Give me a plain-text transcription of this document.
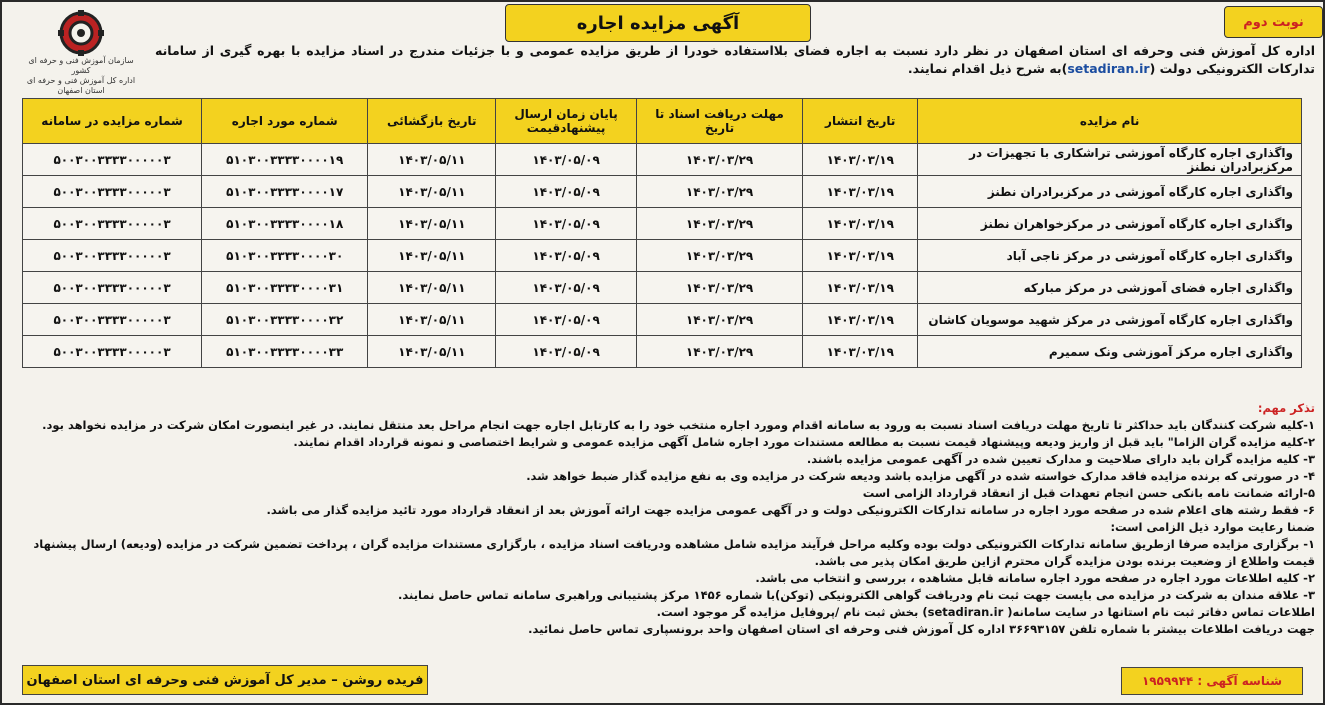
نوبت دوم
آگهی مزایده اجاره
سازمان آموزش فنی و حرفه ای کشور
اداره کل آموزش فنی و حرفه ای استان اصفهان
اداره کل آموزش فنی وحرفه ای استان اصفهان در نظر دارد نسبت به اجاره فضای بلااستفاده خودرا از طریق مزایده عمومی و با جزئیات مندرج در اسناد مزایده با بهره گیری از سامانه تدارکات الکترونیکی دولت (setadiran.ir)به شرح ذیل اقدام نمایند.
نام مزایده	تاریخ انتشار	مهلت دریافت اسناد تا تاریخ	پایان زمان ارسال پیشنهادقیمت	تاریخ بازگشائی	شماره مورد اجاره	شماره مزایده در سامانه
واگذاری اجاره کارگاه آموزشی تراشکاری با تجهیزات در مرکزبرادران نطنز	۱۴۰۳/۰۳/۱۹	۱۴۰۳/۰۳/۲۹	۱۴۰۳/۰۵/۰۹	۱۴۰۳/۰۵/۱۱	۵۱۰۳۰۰۳۳۳۳۰۰۰۰۱۹	۵۰۰۳۰۰۳۳۳۳۰۰۰۰۰۳
واگذاری اجاره کارگاه آموزشی در مرکزبرادران نطنز	۱۴۰۳/۰۳/۱۹	۱۴۰۳/۰۳/۲۹	۱۴۰۳/۰۵/۰۹	۱۴۰۳/۰۵/۱۱	۵۱۰۳۰۰۳۳۳۳۰۰۰۰۱۷	۵۰۰۳۰۰۳۳۳۳۰۰۰۰۰۳
واگذاری اجاره کارگاه آموزشی در مرکزخواهران نطنز	۱۴۰۳/۰۳/۱۹	۱۴۰۳/۰۳/۲۹	۱۴۰۳/۰۵/۰۹	۱۴۰۳/۰۵/۱۱	۵۱۰۳۰۰۳۳۳۳۰۰۰۰۱۸	۵۰۰۳۰۰۳۳۳۳۰۰۰۰۰۳
واگذاری اجاره کارگاه آموزشی در مرکز ناجی آباد	۱۴۰۳/۰۳/۱۹	۱۴۰۳/۰۳/۲۹	۱۴۰۳/۰۵/۰۹	۱۴۰۳/۰۵/۱۱	۵۱۰۳۰۰۳۳۳۳۰۰۰۰۳۰	۵۰۰۳۰۰۳۳۳۳۰۰۰۰۰۳
واگذاری اجاره فضای آموزشی در مرکز مبارکه	۱۴۰۳/۰۳/۱۹	۱۴۰۳/۰۳/۲۹	۱۴۰۳/۰۵/۰۹	۱۴۰۳/۰۵/۱۱	۵۱۰۳۰۰۳۳۳۳۰۰۰۰۳۱	۵۰۰۳۰۰۳۳۳۳۰۰۰۰۰۳
واگذاری اجاره کارگاه آموزشی در مرکز شهید موسویان کاشان	۱۴۰۳/۰۳/۱۹	۱۴۰۳/۰۳/۲۹	۱۴۰۳/۰۵/۰۹	۱۴۰۳/۰۵/۱۱	۵۱۰۳۰۰۳۳۳۳۰۰۰۰۳۲	۵۰۰۳۰۰۳۳۳۳۰۰۰۰۰۳
واگذاری اجاره مرکز آموزشی ونک سمیرم	۱۴۰۳/۰۳/۱۹	۱۴۰۳/۰۳/۲۹	۱۴۰۳/۰۵/۰۹	۱۴۰۳/۰۵/۱۱	۵۱۰۳۰۰۳۳۳۳۰۰۰۰۳۳	۵۰۰۳۰۰۳۳۳۳۰۰۰۰۰۳
تذکر مهم:
۱-کلیه شرکت کنندگان باید حداکثر تا تاریخ مهلت دریافت اسناد نسبت به ورود به سامانه اقدام ومورد اجاره منتخب خود را به کارتابل اجاره جهت انجام مراحل بعد منتقل نمایند. در غیر اینصورت امکان شرکت در مزایده نخواهد بود.
۲-کلیه مزایده گران الزاما" باید قبل از واریز ودیعه وپیشنهاد قیمت نسبت به مطالعه مستندات مورد اجاره شامل آگهی مزایده عمومی و شرایط اختصاصی و نمونه قرارداد اقدام نمایند.
۳- کلیه مزایده گران باید دارای صلاحیت و مدارک تعیین شده در آگهی عمومی مزایده باشند.
۴- در صورتی که برنده مزایده فاقد مدارک خواسته شده در آگهی مزایده باشد ودیعه شرکت در مزایده وی به نفع مزایده گذار ضبط خواهد شد.
۵-ارائه ضمانت نامه بانکی حسن انجام تعهدات قبل از انعقاد قرارداد الزامی است
۶- فقط رشته های اعلام شده در صفحه مورد اجاره در سامانه تدارکات الکترونیکی دولت و در آگهی عمومی مزایده جهت ارائه آموزش بعد از انعقاد قرارداد مورد تائید مزایده گذار می باشد.
ضمنا رعایت موارد ذیل الزامی است:
۱- برگزاری مزایده صرفا ازطریق سامانه تدارکات الکترونیکی دولت بوده وکلیه مراحل فرآیند مزایده شامل مشاهده ودریافت اسناد مزایده ، بارگزاری مستندات مزایده گران ، پرداخت تضمین شرکت در مزایده (ودیعه) ارسال پیشنهاد قیمت واطلاع از وضعیت برنده بودن مزایده گران محترم ازاین طریق امکان پذیر می باشد.
۲- کلیه اطلاعات مورد اجاره در صفحه مورد اجاره سامانه قابل مشاهده ، بررسی و انتخاب می باشد.
۳- علاقه مندان به شرکت در مزایده می بایست جهت ثبت نام ودریافت گواهی الکترونیکی (توکن)با شماره ۱۴۵۶ مرکز پشتیبانی وراهبری سامانه تماس حاصل نمایند.
اطلاعات تماس دفاتر ثبت نام استانها در سایت سامانه( setadiran.ir) بخش ثبت نام /پروفایل مزایده گر موجود است.
جهت دریافت اطلاعات بیشتر با شماره تلفن ۳۶۶۹۳۱۵۷ اداره کل آموزش فنی وحرفه ای استان اصفهان واحد برونسپاری تماس حاصل نمائید.
شناسه آگهی : ۱۹۵۹۹۴۴
فریده روشن – مدیر کل آموزش فنی وحرفه ای استان اصفهان
